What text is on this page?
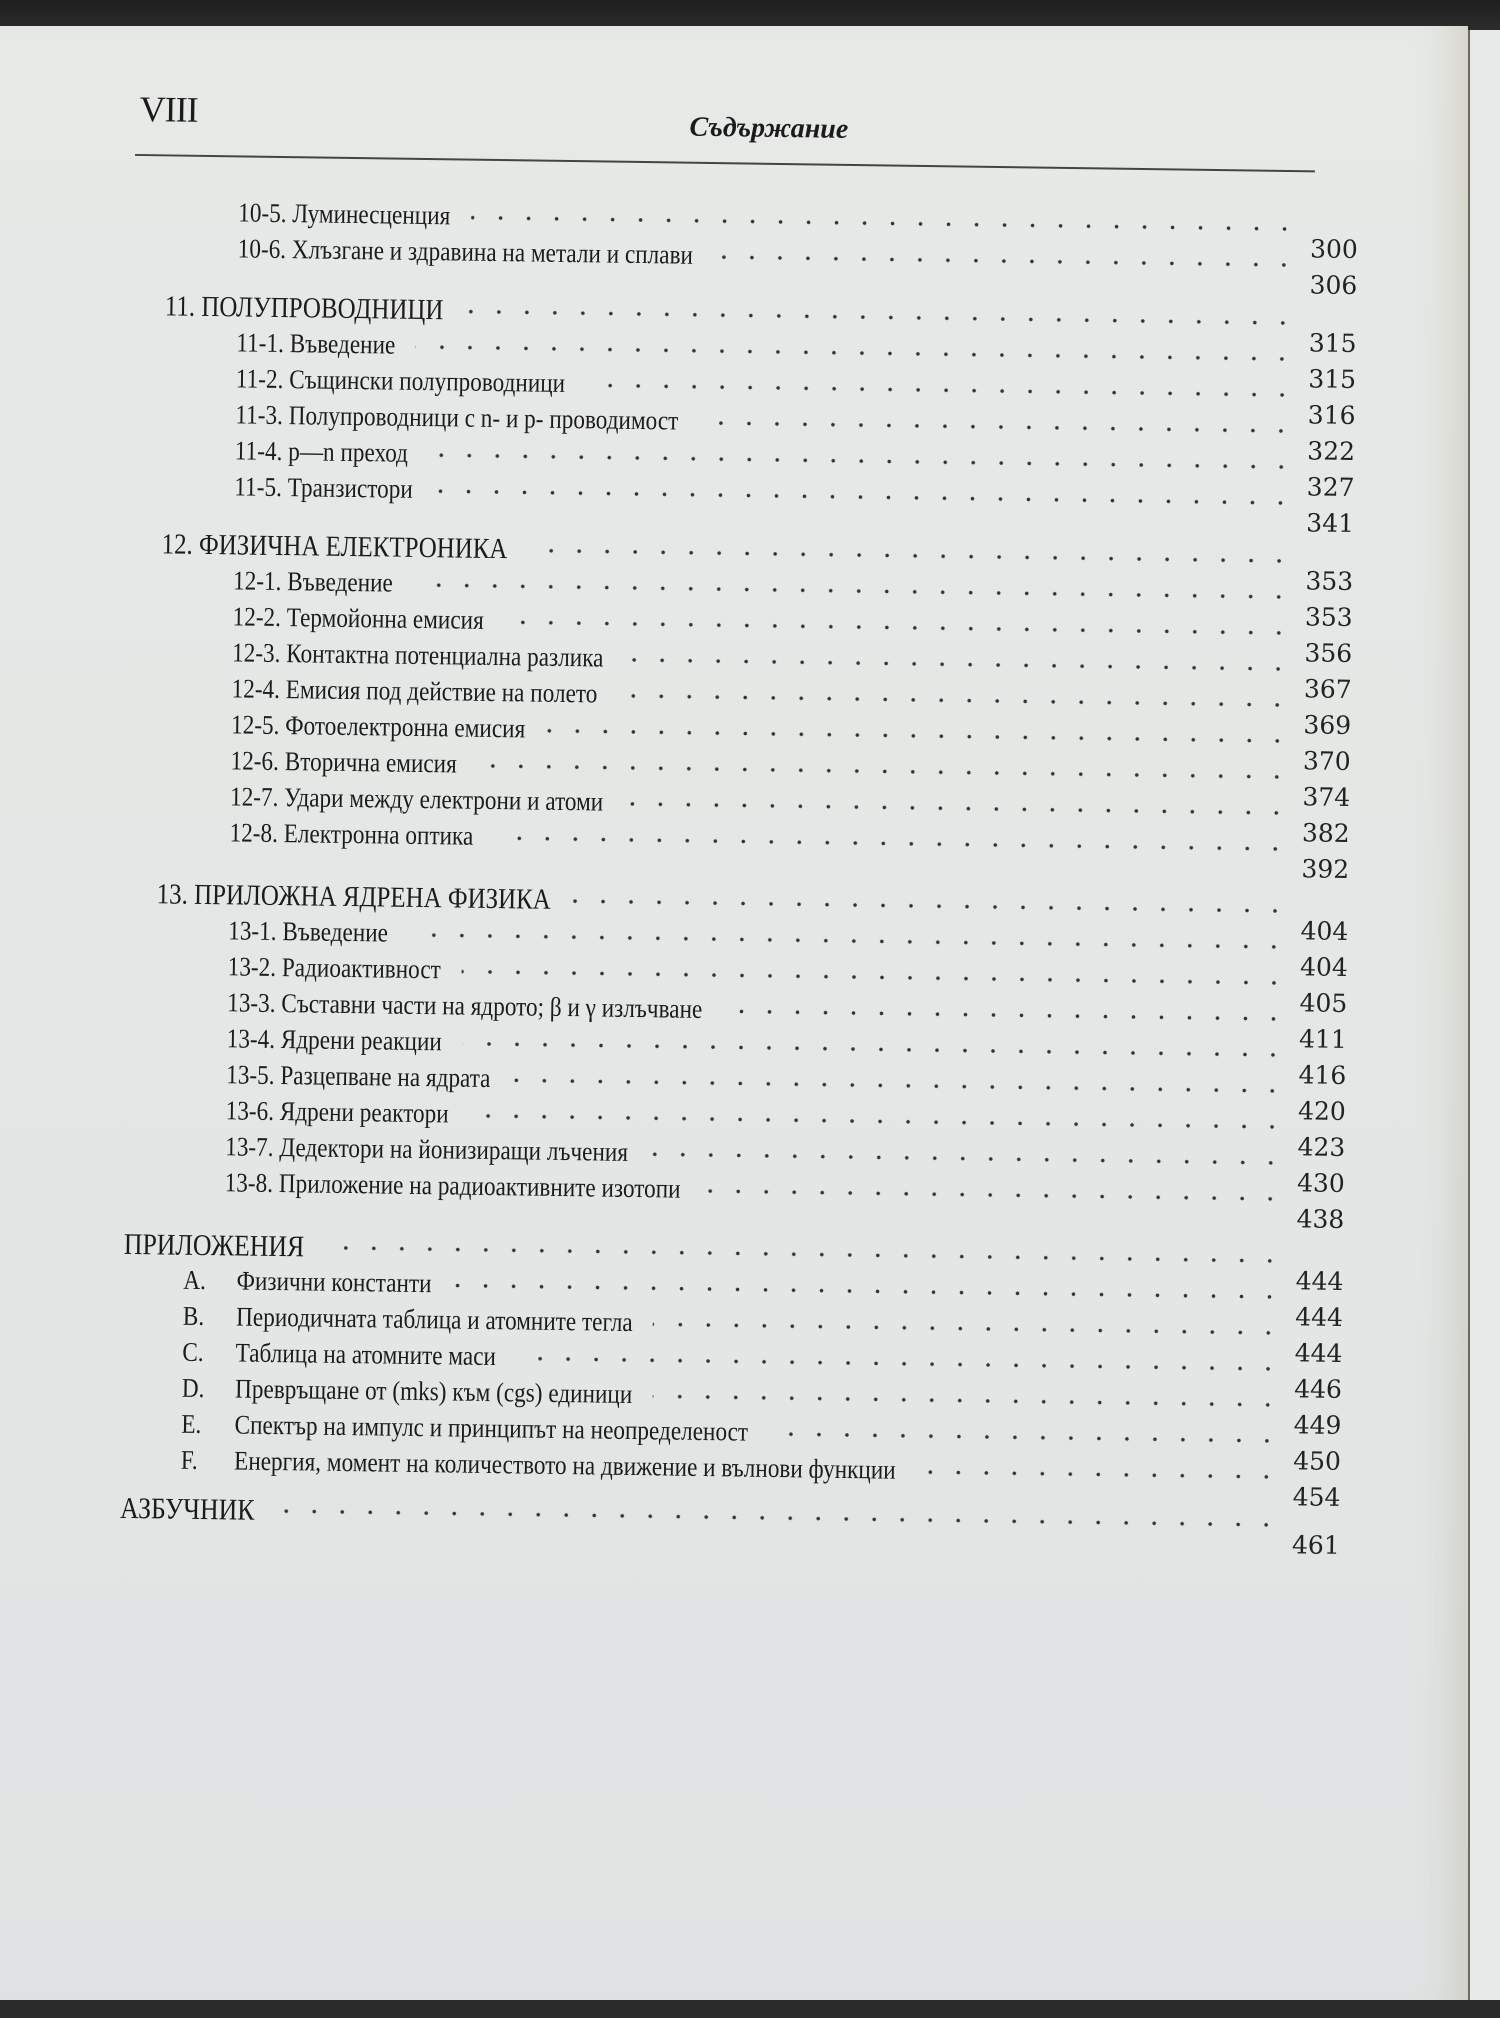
VIII	Съдържание
10-5. Луминесценция
300
10-6. Хлъзгане и здравина на метали и сплави
306
11. ПОЛУПРОВОДНИЦИ
315
11-1. Въведение
315
11-2. Същински полупроводници
316
11-3. Полупроводници с n- и p- проводимост
322
11-4. p—n преход
327
11-5. Транзистори
341
12. ФИЗИЧНА ЕЛЕКТРОНИКА
353
12-1. Въведение
353
12-2. Термойонна емисия
356
12-3. Контактна потенциална разлика
367
12-4. Емисия под действие на полето
369
12-5. Фотоелектронна емисия
370
12-6. Вторична емисия
374
12-7. Удари между електрони и атоми
382
12-8. Електронна оптика
392
13. ПРИЛОЖНА ЯДРЕНА ФИЗИКА
404
13-1. Въведение
404
13-2. Радиоактивност
405
13-3. Съставни части на ядрото; β и γ излъчване
411
13-4. Ядрени реакции
416
13-5. Разцепване на ядрата
420
13-6. Ядрени реактори
423
13-7. Дедектори на йонизиращи лъчения
430
13-8. Приложение на радиоактивните изотопи
438
ПРИЛОЖЕНИЯ
444
A. Физични константи
444
B. Периодичната таблица и атомните тегла
444
C. Таблица на атомните маси
446
D. Превръщане от (mks) към (cgs) единици
449
E. Спектър на импулс и принципът на неопределеност
450
F. Енергия, момент на количеството на движение и вълнови функции
454
АЗБУЧНИК
461
